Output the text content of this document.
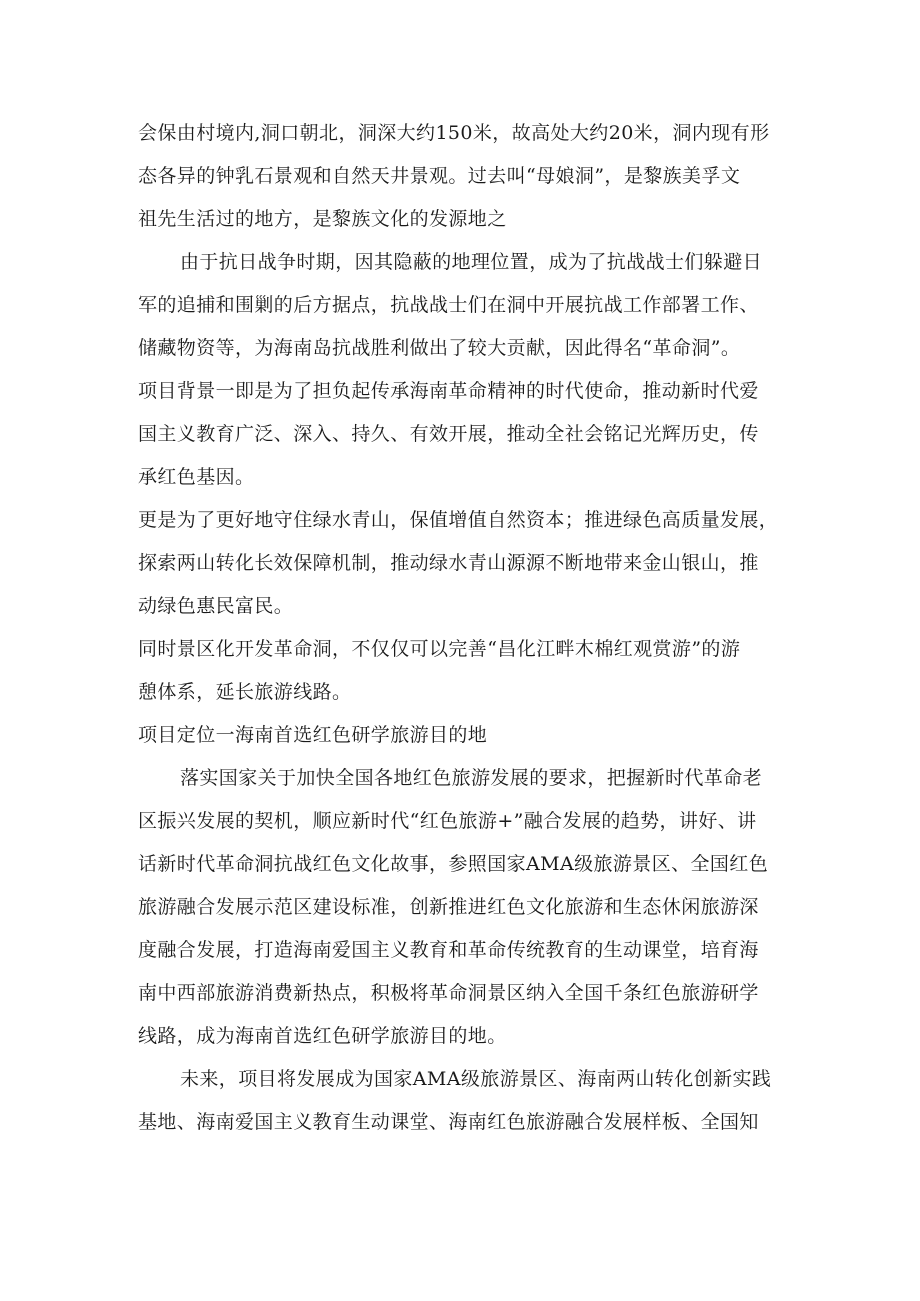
会保由村境内,洞口朝北，洞深大约150米，故高处大约20米，洞内现有形
态各异的钟乳石景观和自然天井景观。过去叫“母娘洞”，是黎族美孚文
祖先生活过的地方，是黎族文化的发源地之
由于抗日战争时期，因其隐蔽的地理位置，成为了抗战战士们躲避日
军的追捕和围剿的后方据点，抗战战士们在洞中开展抗战工作部署工作、
储藏物资等，为海南岛抗战胜利做出了较大贡献，因此得名“革命洞”。
项目背景一即是为了担负起传承海南革命精神的时代使命，推动新时代爱
国主义教育广泛、深入、持久、有效开展，推动全社会铭记光辉历史，传
承红色基因。
更是为了更好地守住绿水青山，保值增值自然资本；推进绿色高质量发展，
探索两山转化长效保障机制，推动绿水青山源源不断地带来金山银山，推
动绿色惠民富民。
同时景区化开发革命洞，不仅仅可以完善“昌化江畔木棉红观赏游”的游
憩体系，延长旅游线路。
项目定位一海南首选红色研学旅游目的地
落实国家关于加快全国各地红色旅游发展的要求，把握新时代革命老
区振兴发展的契机，顺应新时代“红色旅游+”融合发展的趋势，讲好、讲
话新时代革命洞抗战红色文化故事，参照国家AMA级旅游景区、全国红色
旅游融合发展示范区建设标准，创新推进红色文化旅游和生态休闲旅游深
度融合发展，打造海南爱国主义教育和革命传统教育的生动课堂，培育海
南中西部旅游消费新热点，积极将革命洞景区纳入全国千条红色旅游研学
线路，成为海南首选红色研学旅游目的地。
未来，项目将发展成为国家AMA级旅游景区、海南两山转化创新实践
基地、海南爱国主义教育生动课堂、海南红色旅游融合发展样板、全国知
